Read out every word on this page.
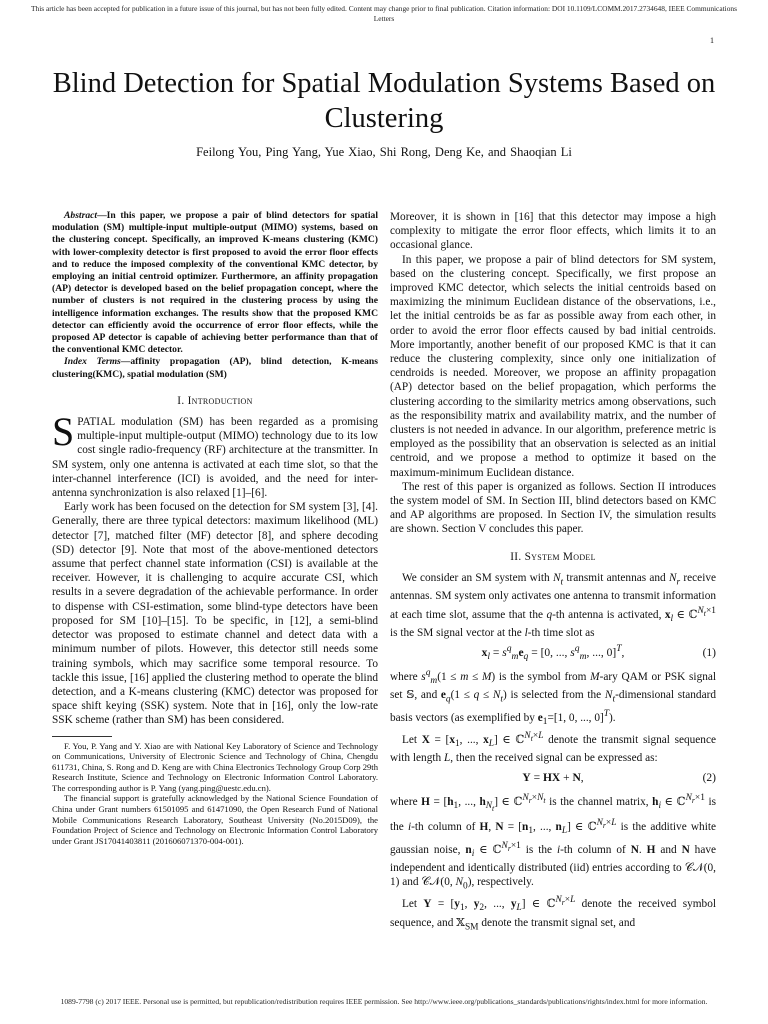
This article has been accepted for publication in a future issue of this journal, but has not been fully edited. Content may change prior to final publication. Citation information: DOI 10.1109/LCOMM.2017.2734648, IEEE Communications Letters
1
Blind Detection for Spatial Modulation Systems Based on Clustering
Feilong You, Ping Yang, Yue Xiao, Shi Rong, Deng Ke, and Shaoqian Li

Abstract—In this paper, we propose a pair of blind detectors for spatial modulation (SM) multiple-input multiple-output (MIMO) systems, based on the clustering concept. Specifically, an improved K-means clustering (KMC) with lower-complexity detector is first proposed to avoid the error floor effects and to reduce the imposed complexity of the conventional KMC detector, by employing an initial centroid optimizer. Furthermore, an affinity propagation (AP) detector is developed based on the belief propagation concept, where the number of clusters is not required in the clustering process by using the intelligence information exchanges. The results show that the proposed KMC detector can efficiently avoid the occurrence of error floor effects, while the proposed AP detector is capable of achieving better performance than that of the conventional KMC detector.

Index Terms—affinity propagation (AP), blind detection, K-means clustering(KMC), spatial modulation (SM)

I. Introduction

SPATIAL modulation (SM) has been regarded as a promising multiple-input multiple-output (MIMO) technology due to its low cost single radio-frequency (RF) architecture at the transmitter. In SM system, only one antenna is activated at each time slot, so that the inter-channel interference (ICI) is avoided, and the need for inter-antenna synchronization is also relaxed [1]–[6].

Early work has been focused on the detection for SM system [3], [4]. Generally, there are three typical detectors: maximum likelihood (ML) detector [7], matched filter (MF) detector [8], and sphere decoding (SD) detector [9]. Note that most of the above-mentioned detectors assume that perfect channel state information (CSI) is available at the receiver. However, it is challenging to acquire accurate CSI, which results in a severe degradation of the achievable performance. In order to dispense with CSI-estimation, some blind-type detectors have been proposed for SM [10]–[15]. To be specific, in [12], a semi-blind detector was proposed to estimate channel and detect data with a minimum number of pilots. However, this detector still needs some training symbols, which may sacrifice some temporal resource. To tackle this issue, [16] applied the clustering method to operate the blind detection, and a K-means clustering (KMC) detector was proposed for space shift keying (SSK) system. Note that in [16], only the low-rate SSK scheme (rather than SM) has been considered.

F. You, P. Yang and Y. Xiao are with National Key Laboratory of Science and Technology on Communications, University of Electronic Science and Technology of China, Chengdu 611731, China, S. Rong and D. Keng are with China Electronics Technology Group Corp 29th Research Institute, Science and Technology on Electronic Information Control Laboratory. The corresponding author is P. Yang (yang.ping@uestc.edu.cn).

The financial support is gratefully acknowledged by the National Science Foundation of China under Grant numbers 61501095 and 61471090, the Open Research Fund of National Mobile Communications Research Laboratory, Southeast University (No.2015D09), the Foundation Project of Science and Technology on Electronic Information Control Laboratory under Grant JS17041403811 (201606071370-004-001).

Moreover, it is shown in [16] that this detector may impose a high complexity to mitigate the error floor effects, which limits it to an occasional glance.

In this paper, we propose a pair of blind detectors for SM system, based on the clustering concept. Specifically, we first propose an improved KMC detector, which selects the initial centroids based on maximizing the minimum Euclidean distance of the observations, i.e., let the initial centroids be as far as possible away from each other, in order to avoid the error floor effects caused by bad initial centroids. More importantly, another benefit of our proposed KMC is that it can reduce the clustering complexity, since only one initialization of cendroids is needed. Moreover, we propose an affinity propagation (AP) detector based on the belief propagation, which performs the clustering according to the similarity metrics among observations, such as the responsibility matrix and availability matrix, and the number of clusters is not needed in advance. In our algorithm, preference metric is employed as the possibility that an observation is selected as an initial centroid, and we propose a method to optimize it based on the maximum-minimum Euclidean distance.

The rest of this paper is organized as follows. Section II introduces the system model of SM. In Section III, blind detectors based on KMC and AP algorithms are proposed. In Section IV, the simulation results are shown. Section V concludes this paper.

II. System Model

We consider an SM system with $N_t$ transmit antennas and $N_r$ receive antennas. SM system only activates one antenna to transmit information at each time slot, assume that the q-th antenna is activated, $x_l$ ∈ ℂ$^{N_t\times 1}$ is the SM signal vector at the l-th time slot as

$x_l = s^q_me_q = [0$, ..., $s^q_m$, ..., 0]$^T$,	(1)

where $s^q_m(1 \le m \le M)$ is the symbol from M-ary QAM or PSK signal set 𝕊, and $e_q(1 \le q \le N_t)$ is selected from the $N_t$-dimensional standard basis vectors (as exemplified by $e_1=[1$, 0, ..., 0]$^T$).

Let $X = [x_1$, ..., $x_L$] ∈ ℂ$^{N_t\times L}$ denote the transmit signal sequence with length L, then the received signal can be expressed as:

Y = HX + N,	(2)

where $H = [h_1$, ..., $h_{N_t}$] ∈ ℂ$^{N_r\times N_t}$ is the channel matrix, $h_i$ ∈ ℂ$^{N_r\times 1}$ is the i-th column of H, $N = [n_1$, ..., $n_L$] ∈ ℂ$^{N_r\times L}$ is the additive white gaussian noise, $n_i$ ∈ ℂ$^{N_r\times 1}$ is the i-th column of N. H and N have independent and identically distributed (iid) entries according to 𝒞𝒩(0, 1) and 𝒞𝒩(0, $N_0$), respectively.

Let $Y = [y_1$, $y_2$, ..., $y_L$] ∈ ℂ$^{N_r\times L}$ denote the received symbol sequence, and 𝕏$_{SM}$ denote the transmit signal set, and

1089-7798 (c) 2017 IEEE. Personal use is permitted, but republication/redistribution requires IEEE permission. See http://www.ieee.org/publications_standards/publications/rights/index.html for more information.
